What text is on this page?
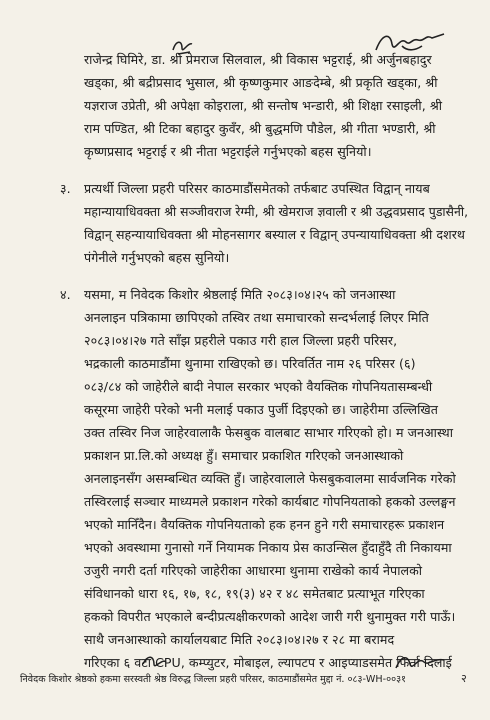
राजेन्द्र घिमिरे, डा. श्री प्रेमराज सिलवाल, श्री विकास भट्टराई, श्री अर्जुनबहादुर
खड्का, श्री बद्रीप्रसाद भुसाल, श्री कृष्णकुमार आङदेम्बे, श्री प्रकृति खड्का, श्री
यज्ञराज उप्रेती, श्री अपेक्षा कोइराला, श्री सन्तोष भन्डारी, श्री शिक्षा रसाइली, श्री
राम पण्डित, श्री टिका बहादुर कुवँर, श्री बुद्धमणि पौडेल, श्री गीता भण्डारी, श्री
कृष्णप्रसाद भट्टराई र श्री नीता भट्टराईले गर्नुभएको बहस सुनियो।
३. प्रत्यर्थी जिल्ला प्रहरी परिसर काठमाडौंसमेतको तर्फबाट उपस्थित विद्वान् नायब
महान्यायाधिवक्ता श्री सञ्जीवराज रेग्मी, श्री खेमराज ज्ञवाली र श्री उद्धवप्रसाद पुडासैनी,
विद्वान् सहन्यायाधिवक्ता श्री मोहनसागर बस्याल र विद्वान् उपन्यायाधिवक्ता श्री दशरथ
पंगेनीले गर्नुभएको बहस सुनियो।
४. यसमा, म निवेदक किशोर श्रेष्ठलाई मिति २०८३।०४।२५ को जनआस्था
अनलाइन पत्रिकामा छापिएको तस्विर तथा समाचारको सन्दर्भलाई लिएर मिति
२०८३।०४।२७ गते साँझ प्रहरीले पकाउ गरी हाल जिल्ला प्रहरी परिसर,
भद्रकाली काठमाडौंमा थुनामा राखिएको छ। परिवर्तित नाम २६ परिसर (६)
०८३/८४ को जाहेरीले बादी नेपाल सरकार भएको वैयक्तिक गोपनियतासम्बन्धी
कसूरमा जाहेरी परेको भनी मलाई पकाउ पुर्जी दिइएको छ। जाहेरीमा उल्लिखित
उक्त तस्विर निज जाहेरवालाकै फेसबुक वालबाट साभार गरिएको हो। म जनआस्था
प्रकाशन प्रा.लि.को अध्यक्ष हुँ। समाचार प्रकाशित गरिएको जनआस्थाको
अनलाइनसँग असम्बन्धित व्यक्ति हुँ। जाहेरवालाले फेसबुकवालमा सार्वजनिक गरेको
तस्विरलाई सञ्चार माध्यमले प्रकाशन गरेको कार्यबाट गोपनियताको हकको उल्लङ्घन
भएको मानिँदैन। वैयक्तिक गोपनियताको हक हनन हुने गरी समाचारहरू प्रकाशन
भएको अवस्थामा गुनासो गर्ने नियामक निकाय प्रेस काउन्सिल हुँदाहुँदै ती निकायमा
उजुरी नगरी दर्ता गरिएको जाहेरीका आधारमा थुनामा राखेको कार्य नेपालको
संविधानको धारा १६, १७, १८, १९(३) ४२ र ४८ समेतबाट प्रत्याभूत गरिएका
हकको विपरीत भएकाले बन्दीप्रत्यक्षीकरणको आदेश जारी गरी थुनामुक्त गरी पाऊँ।
साथै जनआस्थाको कार्यालयबाट मिति २०८३।०४।२७ र २८ मा बरामद
गरिएका ६ वटा CPU, कम्प्युटर, मोबाइल, ल्यापटप र आइप्याडसमेत फिर्ता दिलाई
निवेदक किशोर श्रेष्ठको हकमा सरस्वती श्रेष्ठ विरुद्ध जिल्ला प्रहरी परिसर, काठमाडौंसमेत मुद्दा नं. ०८३-WH-००३१	२
